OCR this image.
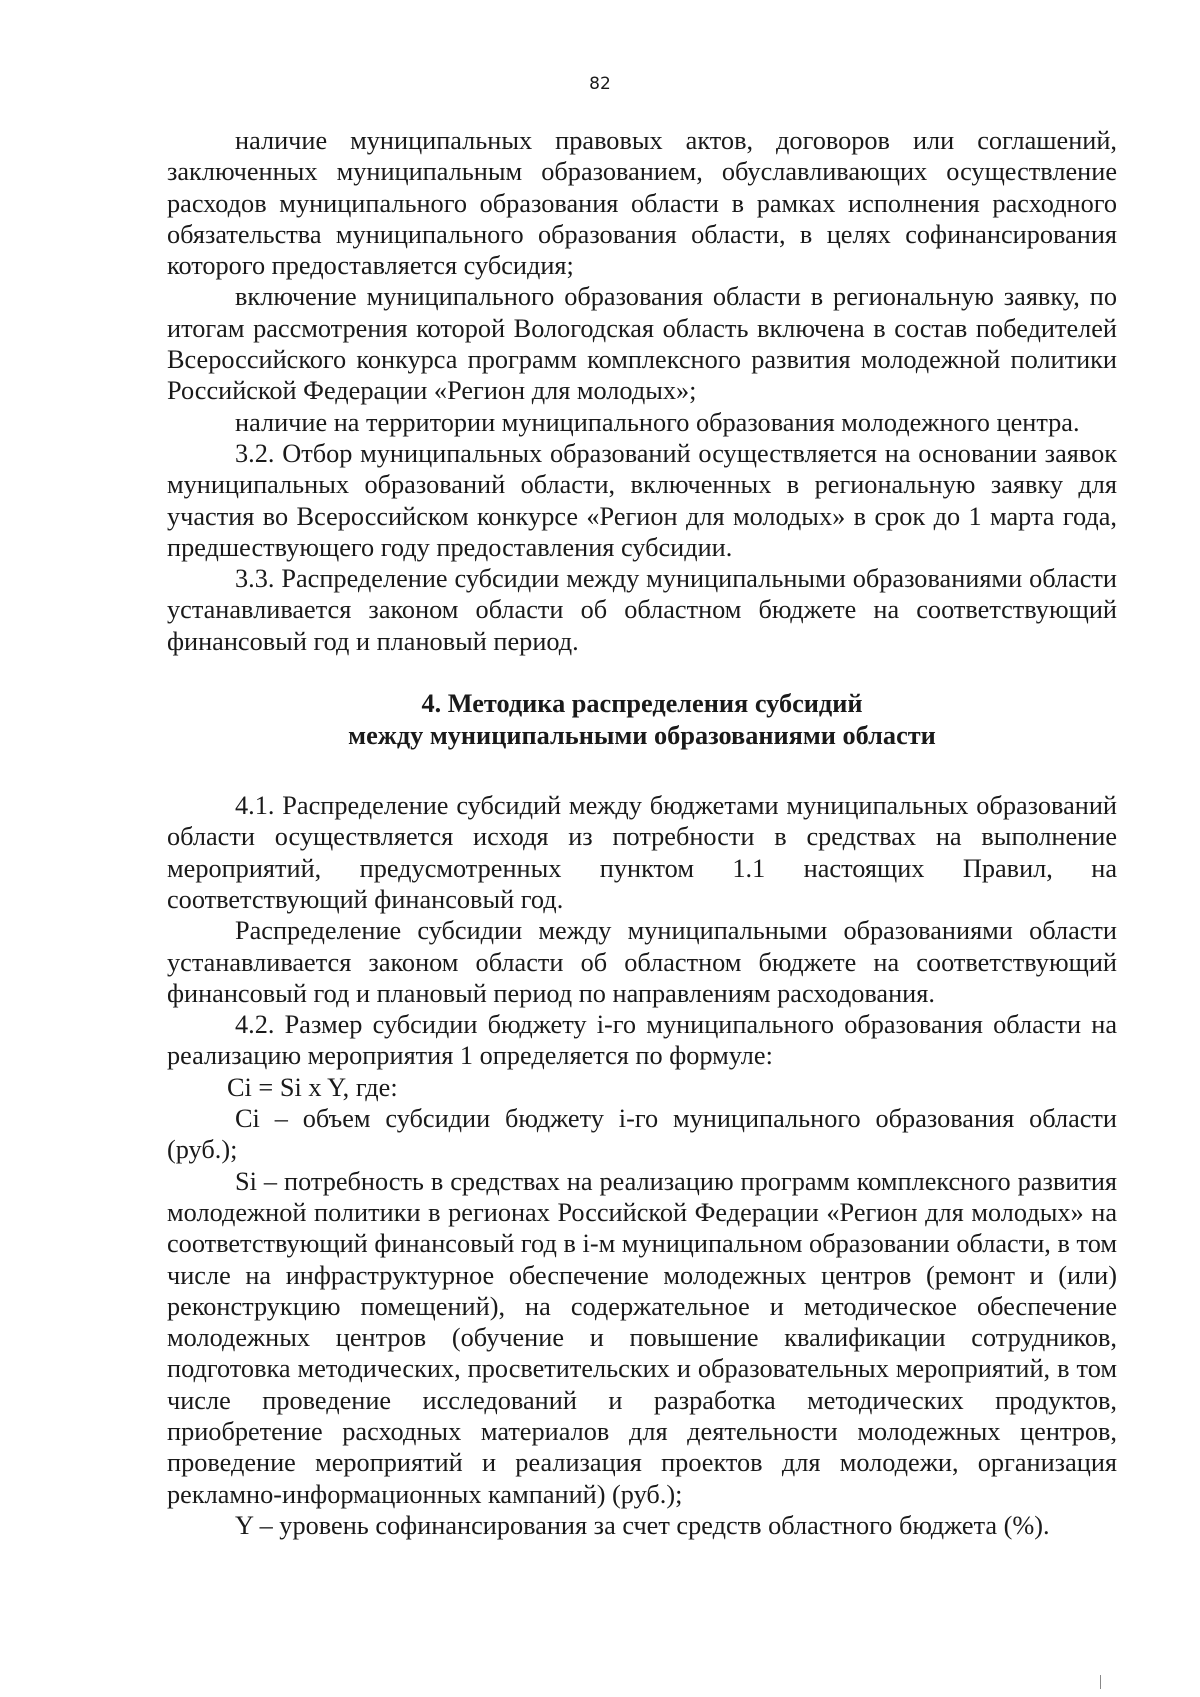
82

наличие муниципальных правовых актов, договоров или соглашений, заключенных муниципальным образованием, обуславливающих осуществление расходов муниципального образования области в рамках исполнения расходного обязательства муниципального образования области, в целях софинансирования которого предоставляется субсидия;

включение муниципального образования области в региональную заявку, по итогам рассмотрения которой Вологодская область включена в состав победителей Всероссийского конкурса программ комплексного развития молодежной политики Российской Федерации «Регион для молодых»;

наличие на территории муниципального образования молодежного центра.

3.2. Отбор муниципальных образований осуществляется на основании заявок муниципальных образований области, включенных в региональную заявку для участия во Всероссийском конкурсе «Регион для молодых» в срок до 1 марта года, предшествующего году предоставления субсидии.

3.3. Распределение субсидии между муниципальными образованиями области устанавливается законом области об областном бюджете на соответствующий финансовый год и плановый период.

4. Методика распределения субсидий
между муниципальными образованиями области

4.1. Распределение субсидий между бюджетами муниципальных образований области осуществляется исходя из потребности в средствах на выполнение мероприятий, предусмотренных пунктом 1.1 настоящих Правил, на соответствующий финансовый год.

Распределение субсидии между муниципальными образованиями области устанавливается законом области об областном бюджете на соответствующий финансовый год и плановый период по направлениям расходования.

4.2. Размер субсидии бюджету i-го муниципального образования области на реализацию мероприятия 1 определяется по формуле:

Ci = Si x Y, где:

Ci – объем субсидии бюджету i-го муниципального образования области (руб.);

Si – потребность в средствах на реализацию программ комплексного развития молодежной политики в регионах Российской Федерации «Регион для молодых» на соответствующий финансовый год в i-м муниципальном образовании области, в том числе на инфраструктурное обеспечение молодежных центров (ремонт и (или) реконструкцию помещений), на содержательное и методическое обеспечение молодежных центров (обучение и повышение квалификации сотрудников, подготовка методических, просветительских и образовательных мероприятий, в том числе проведение исследований и разработка методических продуктов, приобретение расходных материалов для деятельности молодежных центров, проведение мероприятий и реализация проектов для молодежи, организация рекламно-информационных кампаний) (руб.);

Y – уровень софинансирования за счет средств областного бюджета (%).
